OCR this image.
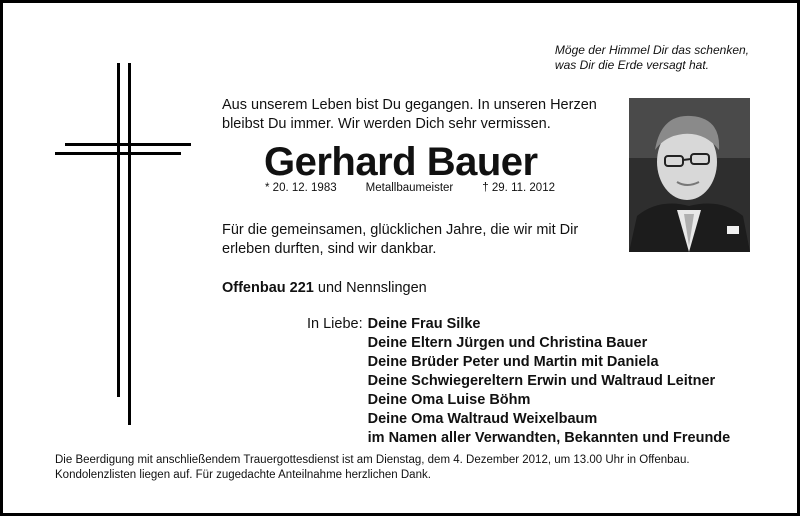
Möge der Himmel Dir das schenken,
was Dir die Erde versagt hat.
Aus unserem Leben bist Du gegangen. In unseren Herzen
bleibst Du immer. Wir werden Dich sehr vermissen.
Gerhard Bauer
* 20. 12. 1983	Metallbaumeister	† 29. 11. 2012
Für die gemeinsamen, glücklichen Jahre, die wir mit Dir
erleben durften, sind wir dankbar.
Offenbau 221 und Nennslingen
In Liebe: Deine Frau Silke
Deine Eltern Jürgen und Christina Bauer
Deine Brüder Peter und Martin mit Daniela
Deine Schwiegereltern Erwin und Waltraud Leitner
Deine Oma Luise Böhm
Deine Oma Waltraud Weixelbaum
im Namen aller Verwandten, Bekannten und Freunde
Die Beerdigung mit anschließendem Trauergottesdienst ist am Dienstag, dem 4. Dezember 2012, um 13.00 Uhr in Offenbau.
Kondolenzlisten liegen auf. Für zugedachte Anteilnahme herzlichen Dank.
